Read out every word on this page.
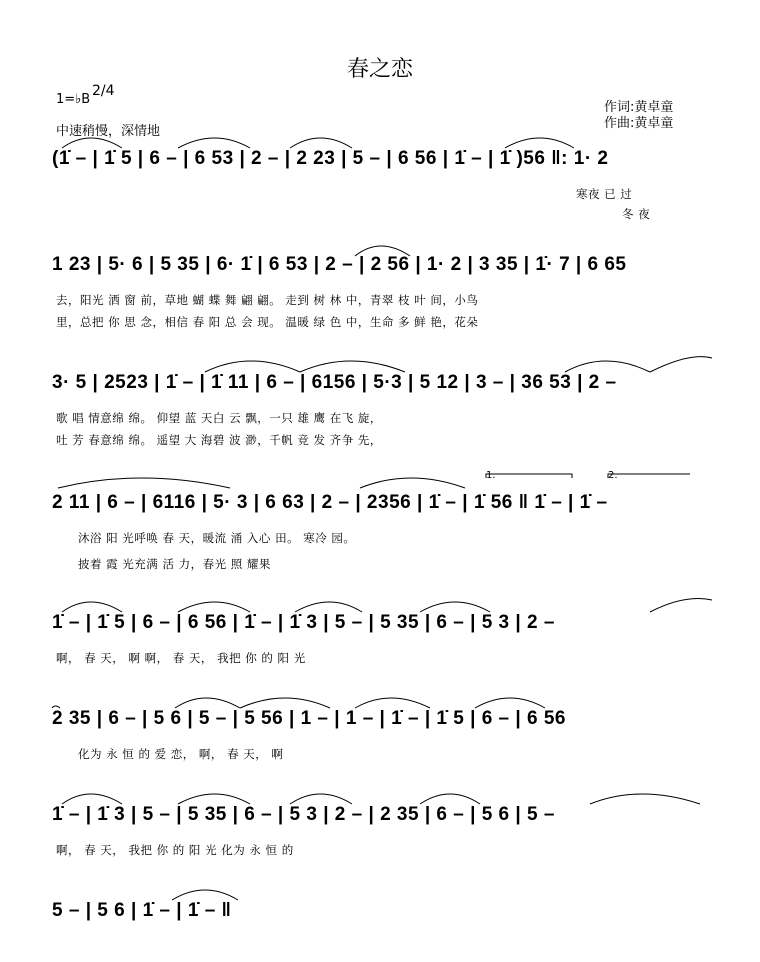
春之恋
1=♭B
2/4
中速稍慢，深情地
作词:黄卓童
作曲:黄卓童
(1̇ – | 1̇ 5 | 6 – | 6 53 | 2 – | 2 23 | 5 – | 6 56 | 1̇ – | 1̇ )56 ‖: 1· 2
寒夜 已 过
冬 夜
1 23 | 5· 6 | 5 35 | 6· 1̇ | 6 53 | 2 – | 2 56 | 1· 2 | 3 35 | 1̇· 7 | 6 65
去，阳光 洒 窗 前，草地 蝴 蝶 舞 翩 翩。 走到 树 林 中，青翠 枝 叶 间，小鸟
里，总把 你 思 念，相信 春 阳 总 会 现。 温暖 绿 色 中，生命 多 鲜 艳，花朵
3· 5 | 2523 | 1̇ – | 1̇ 11 | 6 – | 6156 | 5·3 | 5 12 | 3 – | 36 53 | 2 –
歌 唱 情意绵 绵。 仰望 蓝 天白 云 飘，一只 雄 鹰 在飞 旋，
吐 芳 春意绵 绵。 遥望 大 海碧 波 渺，千帆 竞 发 齐争 先，
1.	2.
2 11 | 6 – | 6116 | 5· 3 | 6 63 | 2 – | 2356 | 1̇ – | 1̇ 56 ‖ 1̇ – | 1̇ –
沐浴 阳 光呼唤 春 天，暖流 涌 入心 田。 寒冷 园。
披着 霞 光充满 活 力，春光 照 耀果
1̇ – | 1̇ 5 | 6 – | 6 56 | 1̇ – | 1̇ 3 | 5 – | 5 35 | 6 – | 5 3 | 2 –
啊， 春 天， 啊 啊， 春 天， 我把 你 的 阳 光
2 35 | 6 – | 5 6 | 5 – | 5 56 | 1 – | 1 – | 1̇ – | 1̇ 5 | 6 – | 6 56
化为 永 恒 的 爱 恋， 啊， 春 天， 啊
1̇ – | 1̇ 3 | 5 – | 5 35 | 6 – | 5 3 | 2 – | 2 35 | 6 – | 5 6 | 5 –
啊， 春 天， 我把 你 的 阳 光 化为 永 恒 的
5 – | 5 6 | 1̇ – | 1̇ – ‖
